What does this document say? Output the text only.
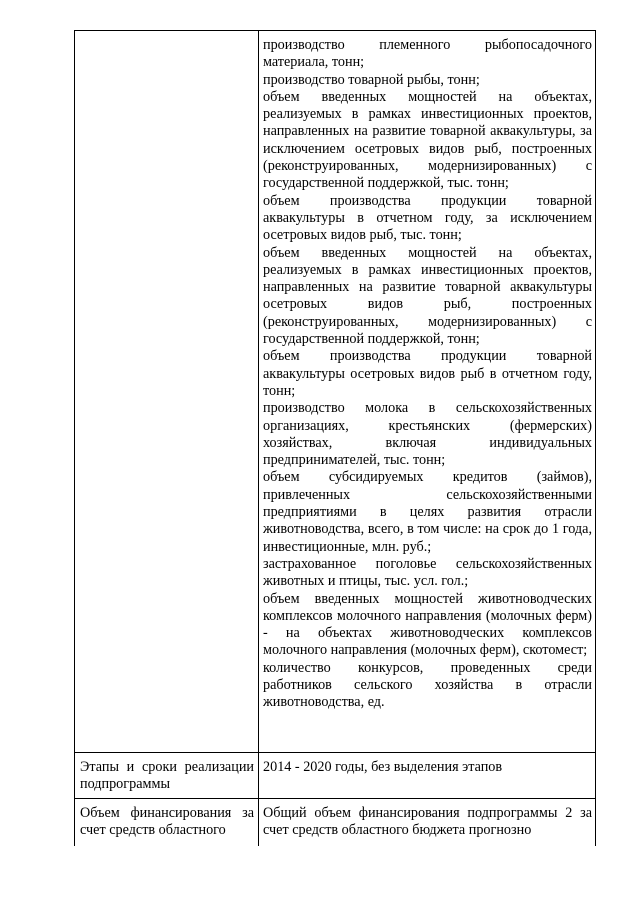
производство племенного рыбопосадочного материала, тонн;

производство товарной рыбы, тонн;

объем введенных мощностей на объектах, реализуемых в рамках инвестиционных проектов, направленных на развитие товарной аквакультуры, за исключением осетровых видов рыб, построенных (реконструированных, модернизированных) с государственной поддержкой, тыс. тонн;

объем производства продукции товарной аквакультуры в отчетном году, за исключением осетровых видов рыб, тыс. тонн;

объем введенных мощностей на объектах, реализуемых в рамках инвестиционных проектов, направленных на развитие товарной аквакультуры осетровых видов рыб, построенных (реконструированных, модернизированных) с государственной поддержкой, тонн;

объем производства продукции товарной аквакультуры осетровых видов рыб в отчетном году, тонн;

производство молока в сельскохозяйственных организациях, крестьянских (фермерских) хозяйствах, включая индивидуальных предпринимателей, тыс. тонн;

объем субсидируемых кредитов (займов), привлеченных сельскохозяйственными предприятиями в целях развития отрасли животноводства, всего, в том числе: на срок до 1 года, инвестиционные, млн. руб.;

застрахованное поголовье сельскохозяйственных животных и птицы, тыс. усл. гол.;

объем введенных мощностей животноводческих комплексов молочного направления (молочных ферм) - на объектах животноводческих комплексов молочного направления (молочных ферм), скотомест;

количество конкурсов, проведенных среди работников сельского хозяйства в отрасли животноводства, ед.

Этапы и сроки реализации подпрограммы
2014 - 2020 годы, без выделения этапов
Объем финансирования за счет средств областного
Общий объем финансирования подпрограммы 2 за счет средств областного бюджета прогнозно
